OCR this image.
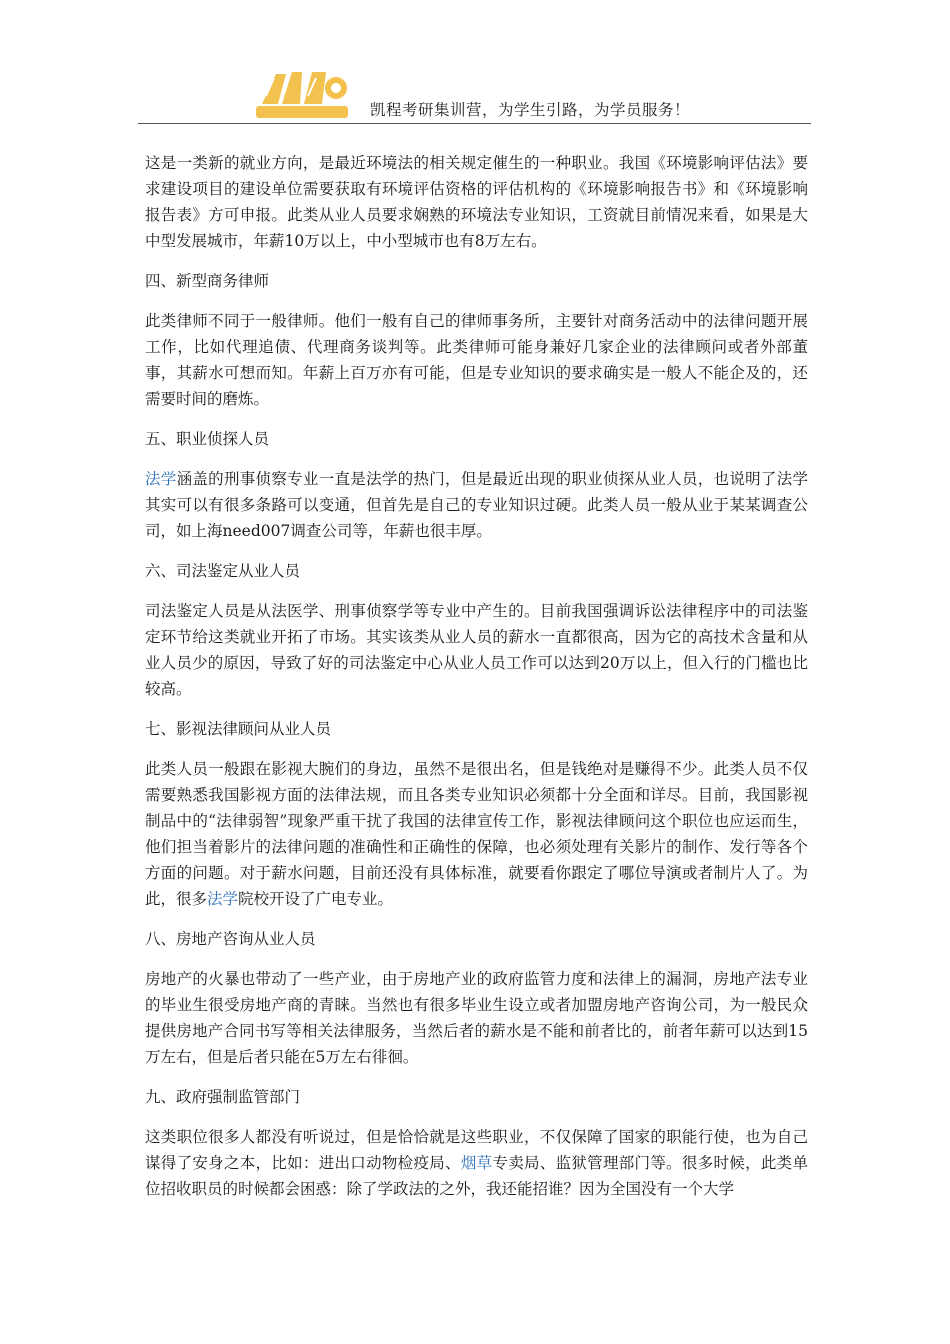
凯程考研集训营，为学生引路，为学员服务！

这是一类新的就业方向，是最近环境法的相关规定催生的一种职业。我国《环境影响评估法》要求建设项目的建设单位需要获取有环境评估资格的评估机构的《环境影响报告书》和《环境影响报告表》方可申报。此类从业人员要求娴熟的环境法专业知识，工资就目前情况来看，如果是大中型发展城市，年薪10万以上，中小型城市也有8万左右。

四、新型商务律师

此类律师不同于一般律师。他们一般有自己的律师事务所，主要针对商务活动中的法律问题开展工作，比如代理追债、代理商务谈判等。此类律师可能身兼好几家企业的法律顾问或者外部董事，其薪水可想而知。年薪上百万亦有可能，但是专业知识的要求确实是一般人不能企及的，还需要时间的磨炼。

五、职业侦探人员

法学涵盖的刑事侦察专业一直是法学的热门，但是最近出现的职业侦探从业人员，也说明了法学其实可以有很多条路可以变通，但首先是自己的专业知识过硬。此类人员一般从业于某某调查公司，如上海need007调查公司等，年薪也很丰厚。

六、司法鉴定从业人员

司法鉴定人员是从法医学、刑事侦察学等专业中产生的。目前我国强调诉讼法律程序中的司法鉴定环节给这类就业开拓了市场。其实该类从业人员的薪水一直都很高，因为它的高技术含量和从业人员少的原因，导致了好的司法鉴定中心从业人员工作可以达到20万以上，但入行的门槛也比较高。

七、影视法律顾问从业人员

此类人员一般跟在影视大腕们的身边，虽然不是很出名，但是钱绝对是赚得不少。此类人员不仅需要熟悉我国影视方面的法律法规，而且各类专业知识必须都十分全面和详尽。目前，我国影视制品中的“法律弱智”现象严重干扰了我国的法律宣传工作，影视法律顾问这个职位也应运而生，他们担当着影片的法律问题的准确性和正确性的保障，也必须处理有关影片的制作、发行等各个方面的问题。对于薪水问题，目前还没有具体标准，就要看你跟定了哪位导演或者制片人了。为此，很多法学院校开设了广电专业。

八、房地产咨询从业人员

房地产的火暴也带动了一些产业，由于房地产业的政府监管力度和法律上的漏洞，房地产法专业的毕业生很受房地产商的青睐。当然也有很多毕业生设立或者加盟房地产咨询公司，为一般民众提供房地产合同书写等相关法律服务，当然后者的薪水是不能和前者比的，前者年薪可以达到15万左右，但是后者只能在5万左右徘徊。

九、政府强制监管部门

这类职位很多人都没有听说过，但是恰恰就是这些职业，不仅保障了国家的职能行使，也为自己谋得了安身之本，比如：进出口动物检疫局、烟草专卖局、监狱管理部门等。很多时候，此类单位招收职员的时候都会困惑：除了学政法的之外，我还能招谁？因为全国没有一个大学
